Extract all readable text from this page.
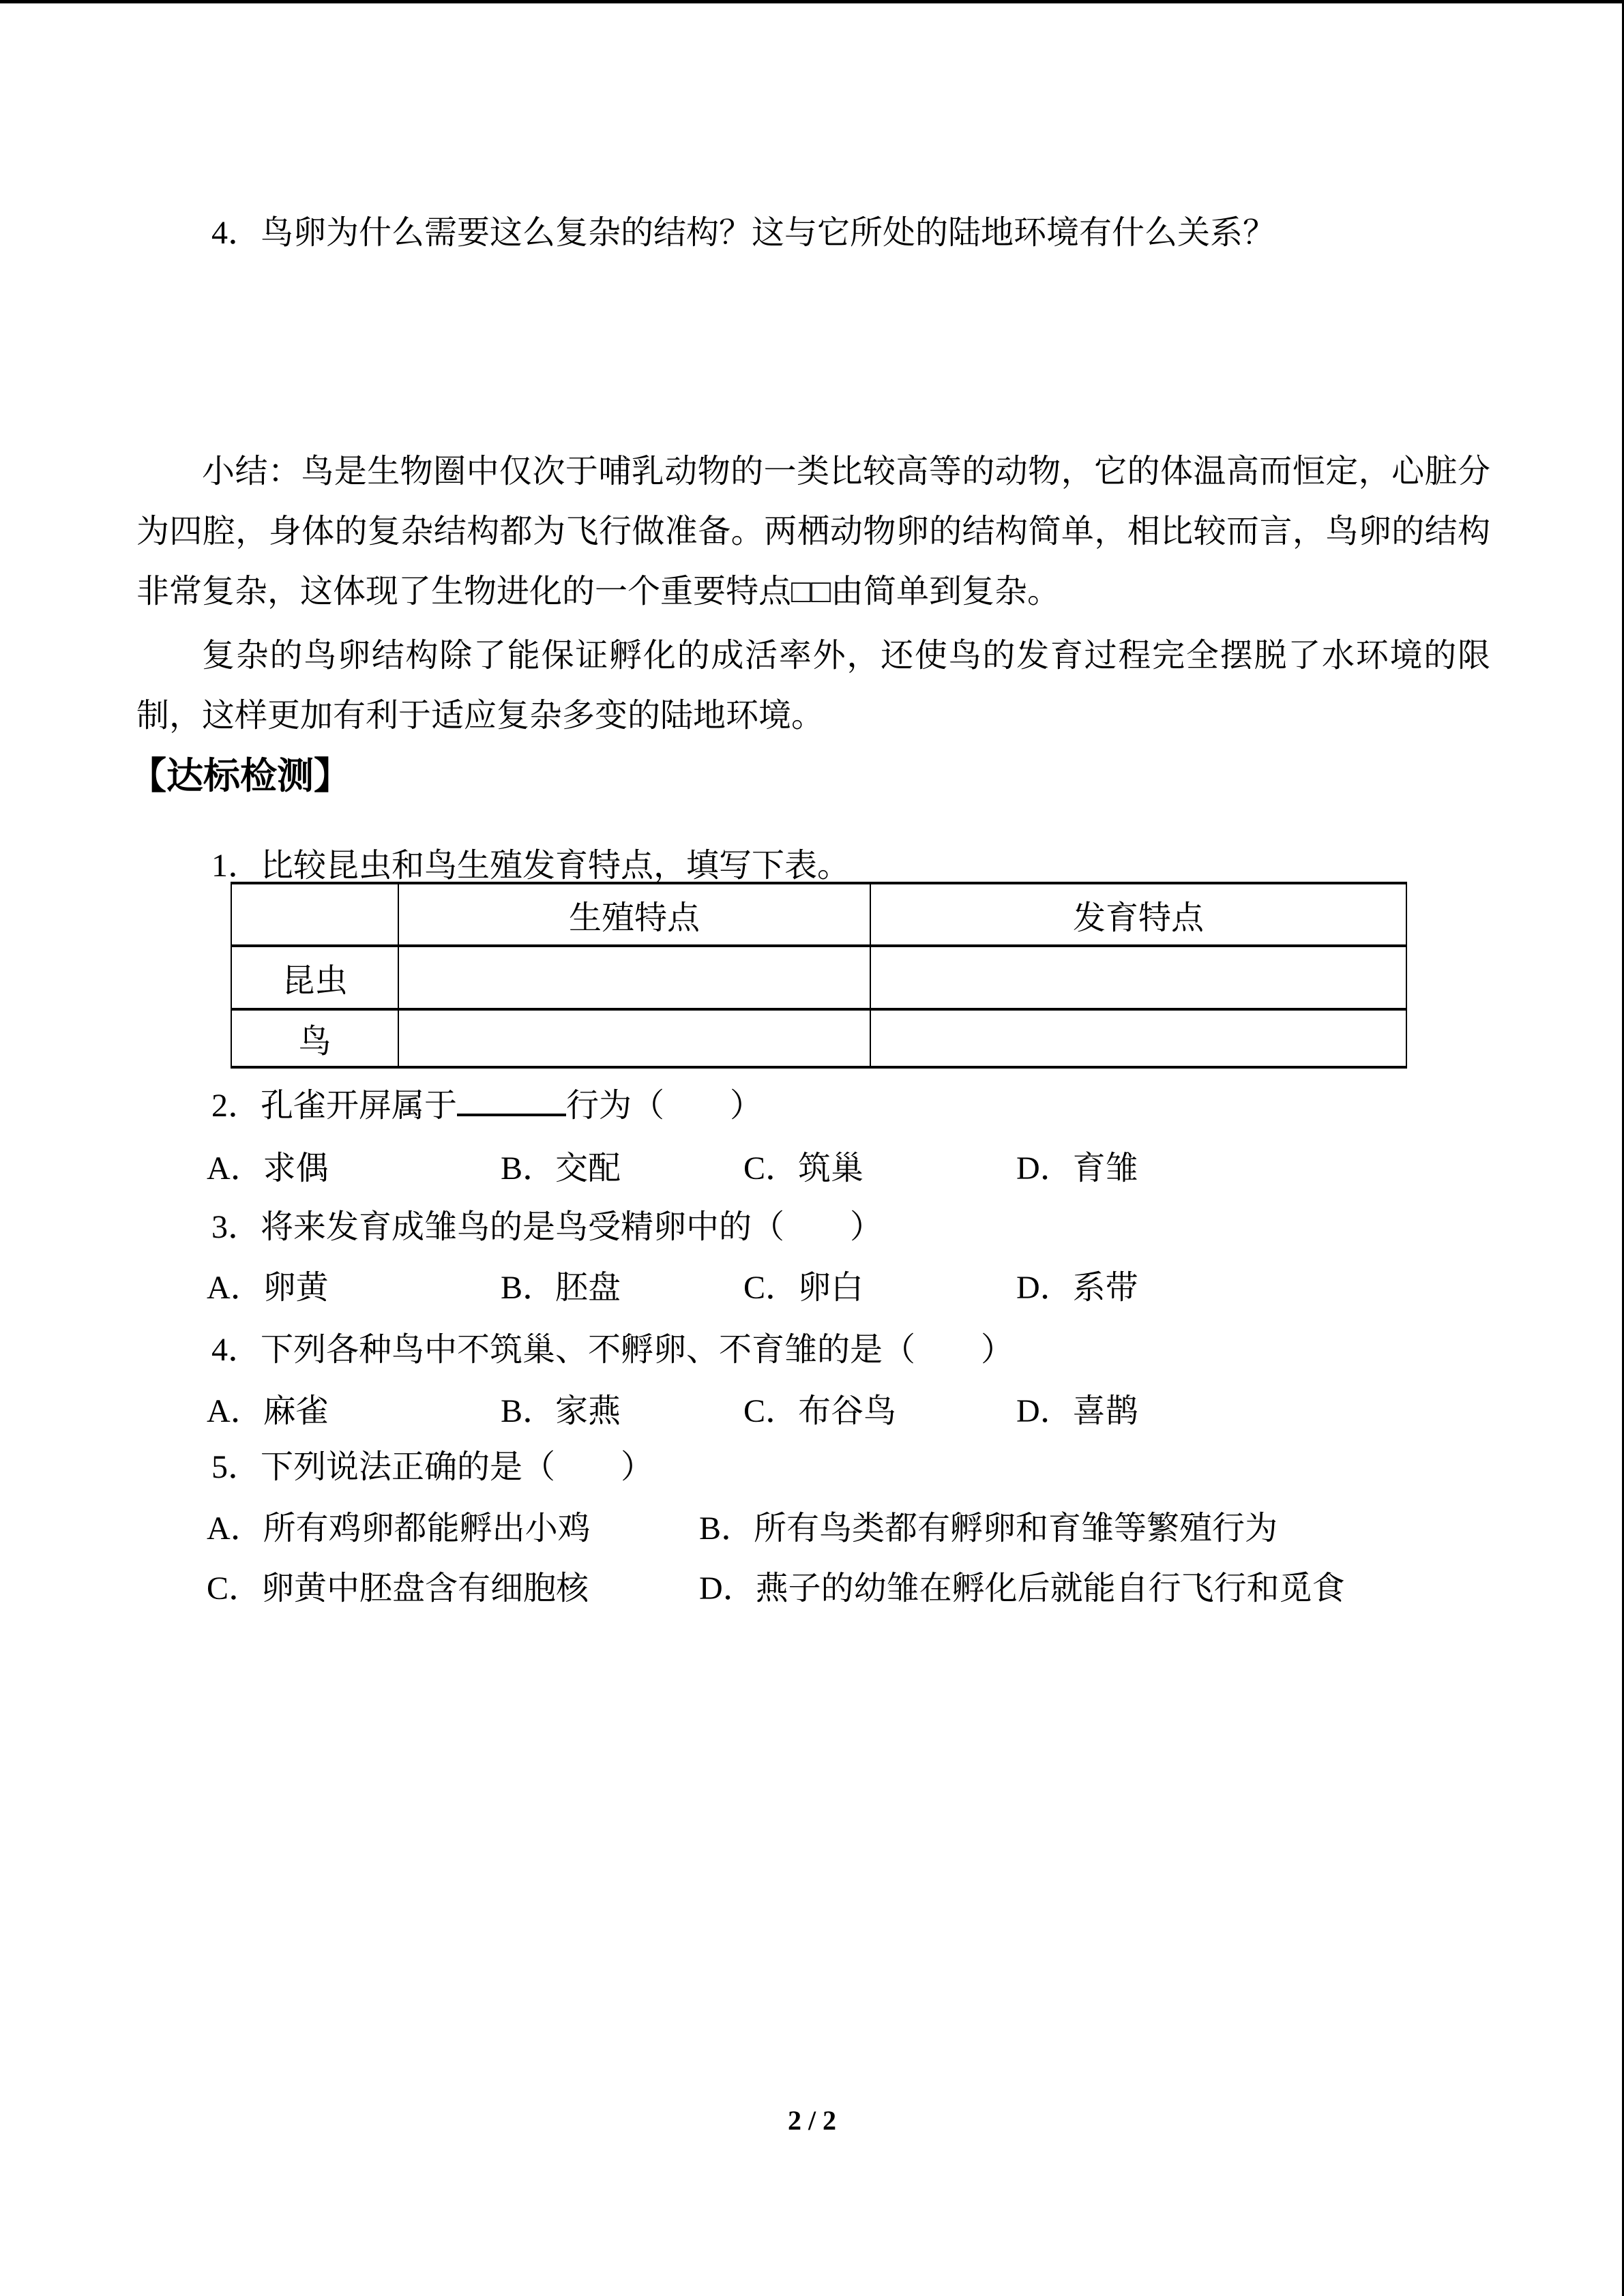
4．鸟卵为什么需要这么复杂的结构？这与它所处的陆地环境有什么关系？
小结：鸟是生物圈中仅次于哺乳动物的一类比较高等的动物，它的体温高而恒定，心脏分为四腔，身体的复杂结构都为飞行做准备。两栖动物卵的结构简单，相比较而言，鸟卵的结构非常复杂，这体现了生物进化的一个重要特点□□由简单到复杂。
复杂的鸟卵结构除了能保证孵化的成活率外，还使鸟的发育过程完全摆脱了水环境的限制，这样更加有利于适应复杂多变的陆地环境。
【达标检测】
1．比较昆虫和鸟生殖发育特点，填写下表。
	生殖特点	发育特点
昆虫		
鸟		
2．孔雀开屏属于	行为（　　）
A．求偶	B．交配	C．筑巢	D．育雏
3．将来发育成雏鸟的是鸟受精卵中的（　　）
A．卵黄	B．胚盘	C．卵白	D．系带
4．下列各种鸟中不筑巢、不孵卵、不育雏的是（　　）
A．麻雀	B．家燕	C．布谷鸟	D．喜鹊
5．下列说法正确的是（　　）
A．所有鸡卵都能孵出小鸡	B．所有鸟类都有孵卵和育雏等繁殖行为
C．卵黄中胚盘含有细胞核	D．燕子的幼雏在孵化后就能自行飞行和觅食
2 / 2
